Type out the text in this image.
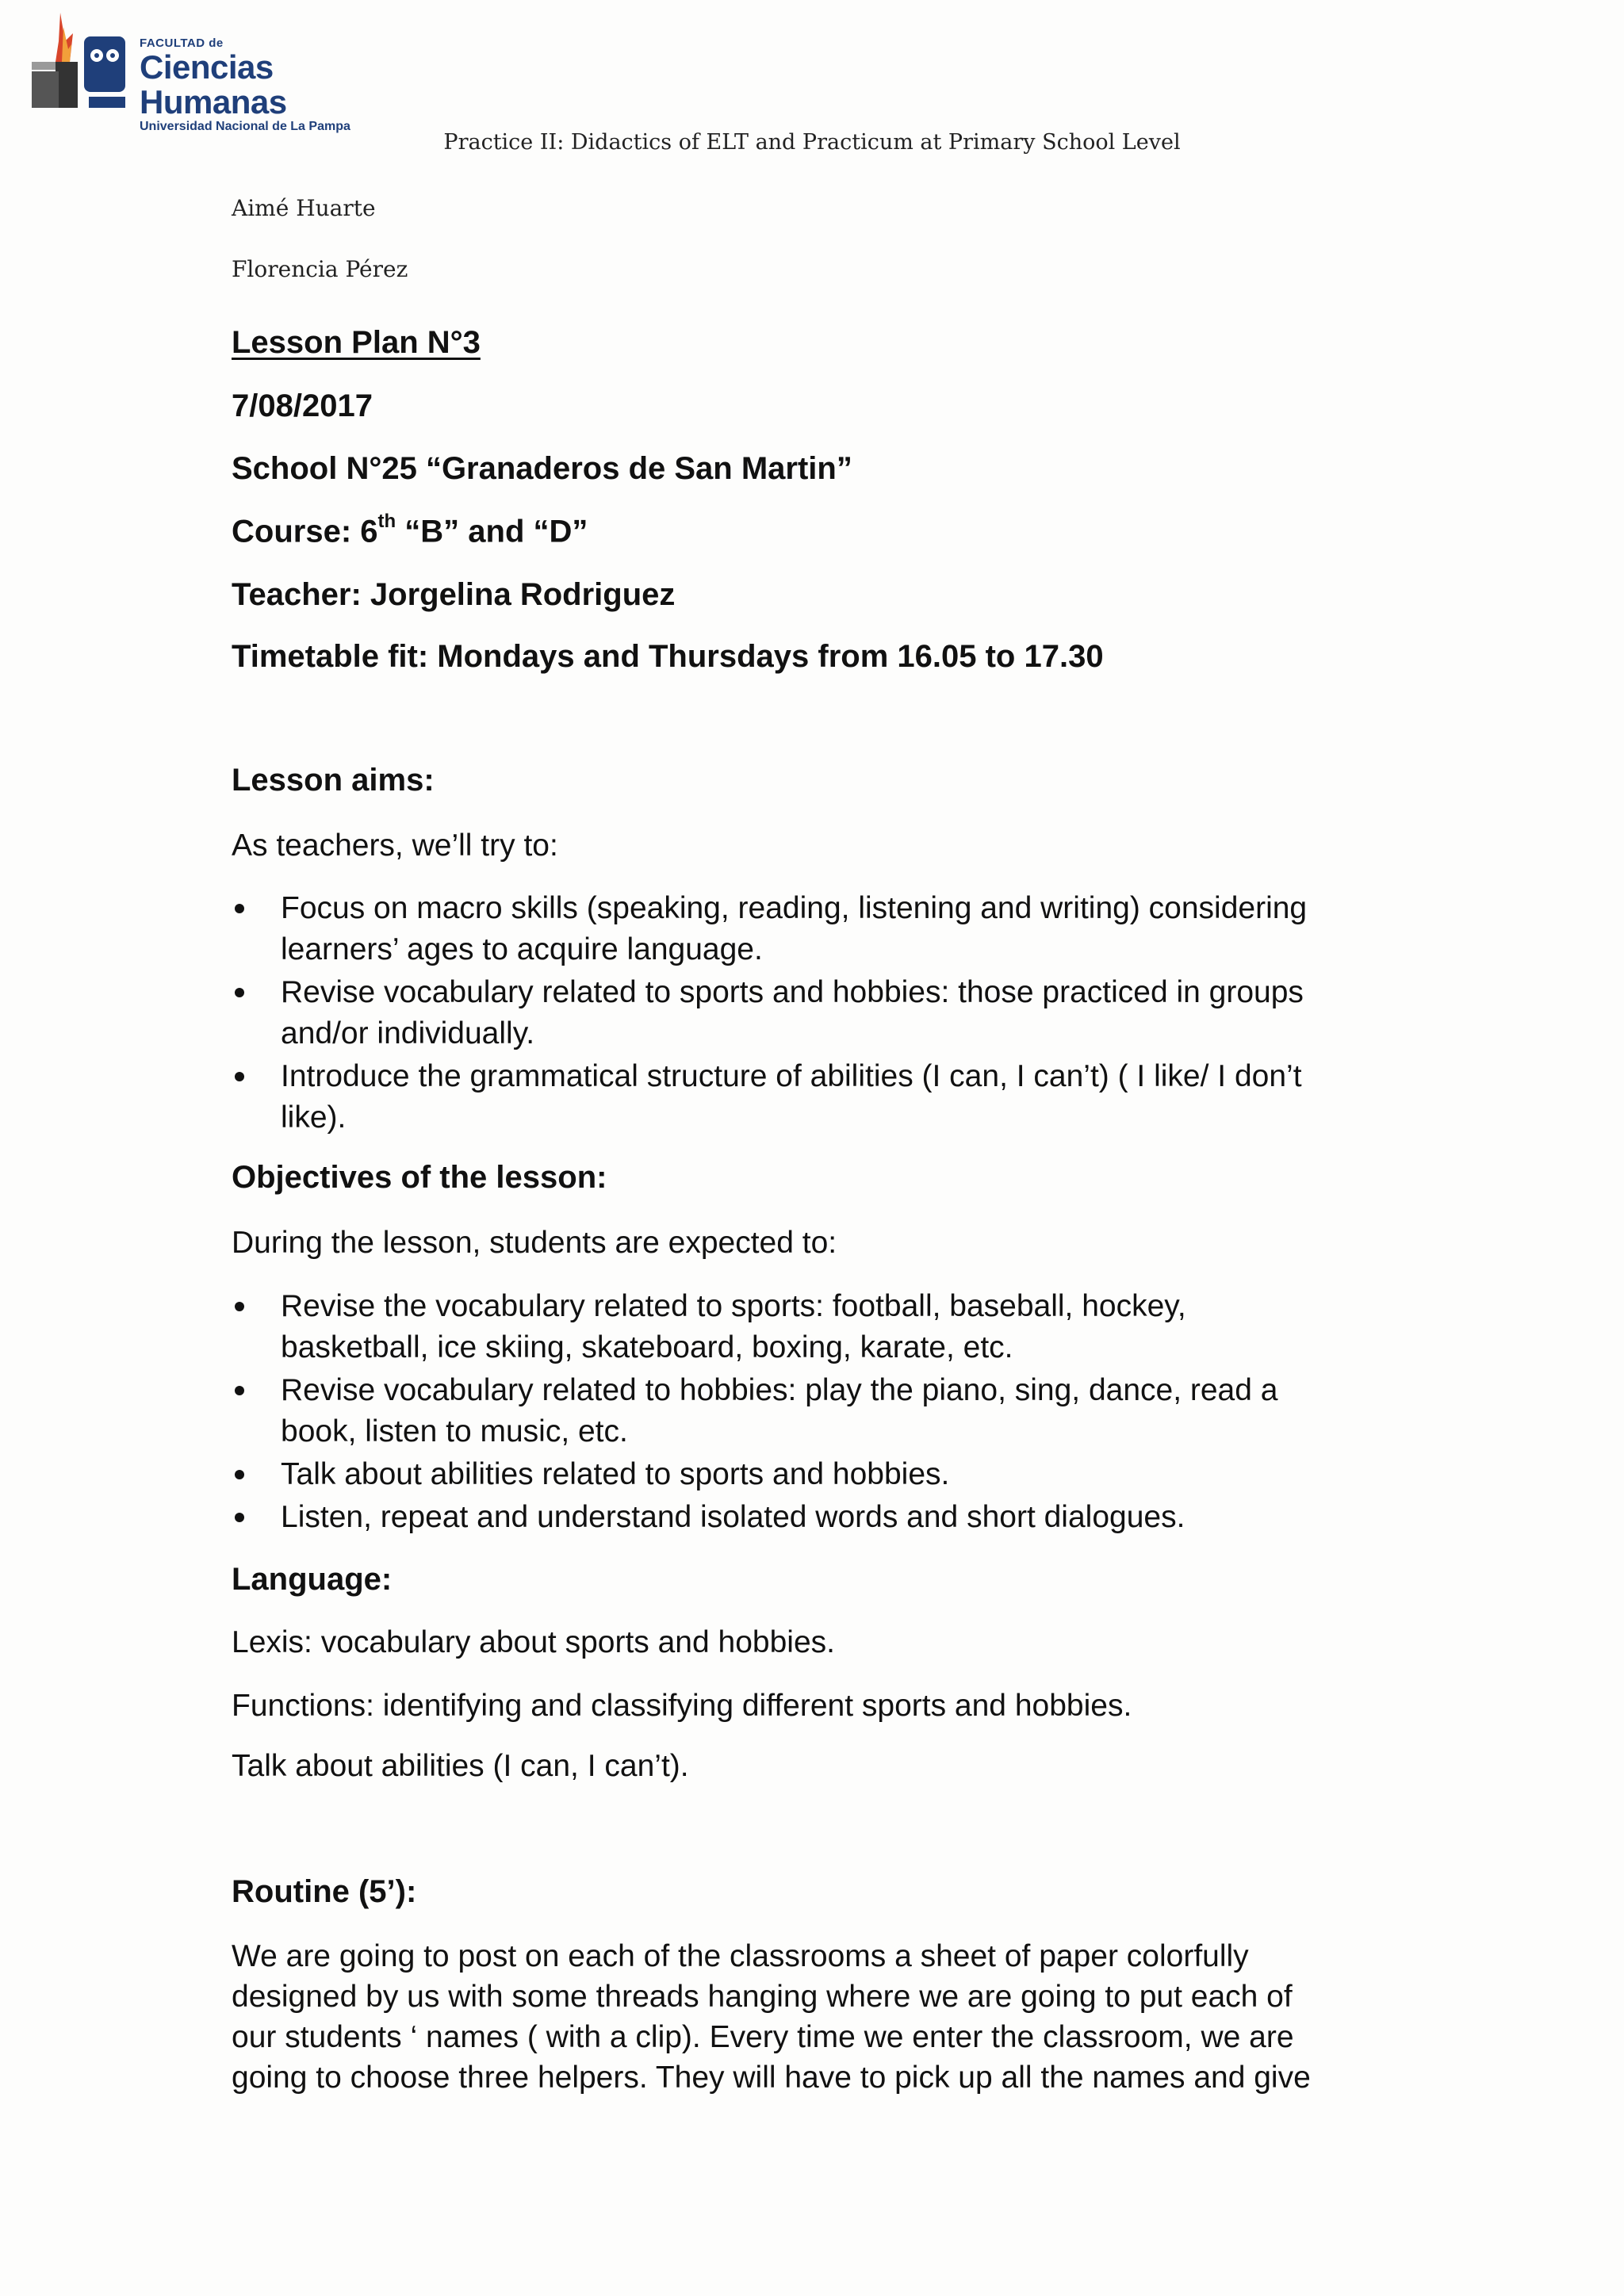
FACULTAD de
Ciencias Humanas
Universidad Nacional de La Pampa
Practice II: Didactics of ELT and Practicum at Primary School Level
Aimé Huarte
Florencia Pérez
Lesson Plan N°3
7/08/2017
School N°25 “Granaderos de San Martin”
Course: 6th “B” and “D”
Teacher: Jorgelina Rodriguez
Timetable fit: Mondays and Thursdays from 16.05 to 17.30
Lesson aims:
As teachers, we’ll try to:
Focus on macro skills (speaking, reading, listening and writing) considering
learners’ ages to acquire language.
Revise vocabulary related to sports and hobbies: those practiced in groups
and/or individually.
Introduce the grammatical structure of abilities (I can, I can’t) ( I like/ I don’t
like).
Objectives of the lesson:
During the lesson, students are expected to:
Revise the vocabulary related to sports: football, baseball, hockey,
basketball, ice skiing, skateboard, boxing, karate, etc.
Revise vocabulary related to hobbies: play the piano, sing, dance, read a
book, listen to music, etc.
Talk about abilities related to sports and hobbies.
Listen, repeat and understand isolated words and short dialogues.
Language:
Lexis: vocabulary about sports and hobbies.
Functions: identifying and classifying different sports and hobbies.
Talk about abilities (I can, I can’t).
Routine (5’):
We are going to post on each of the classrooms a sheet of paper colorfully
designed by us with some threads hanging where we are going to put each of
our students ‘ names ( with a clip). Every time we enter the classroom, we are
going to choose three helpers. They will have to pick up all the names and give
